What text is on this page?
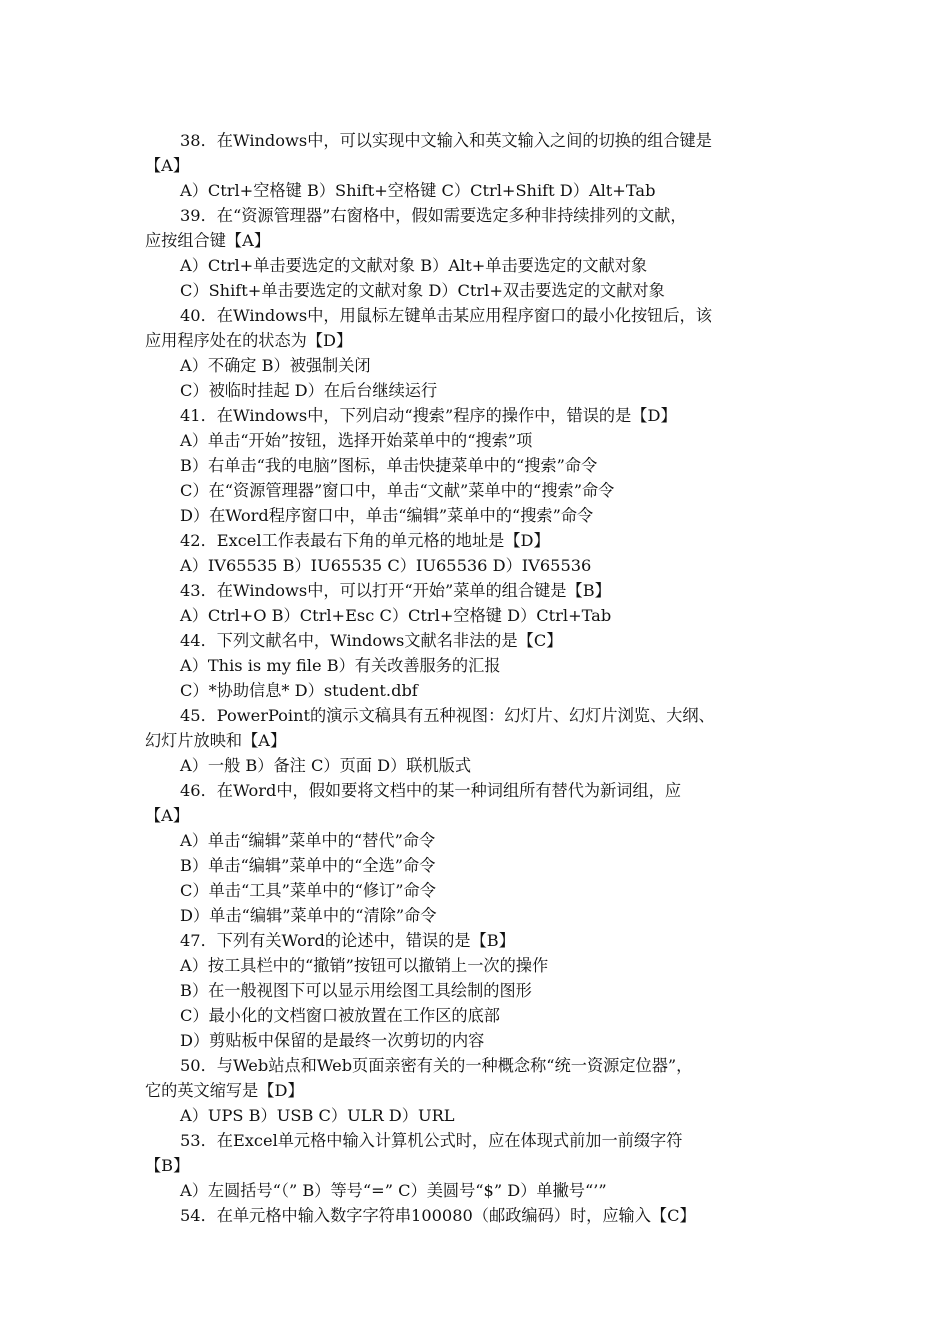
38．在Windows中，可以实现中文输入和英文输入之间的切换的组合键是
【A】
A）Ctrl+空格键 B）Shift+空格键 C）Ctrl+Shift D）Alt+Tab
39．在“资源管理器”右窗格中，假如需要选定多种非持续排列的文献，
应按组合键【A】
A）Ctrl+单击要选定的文献对象 B）Alt+单击要选定的文献对象
C）Shift+单击要选定的文献对象 D）Ctrl+双击要选定的文献对象
40．在Windows中，用鼠标左键单击某应用程序窗口的最小化按钮后，该
应用程序处在的状态为【D】
A）不确定 B）被强制关闭
C）被临时挂起 D）在后台继续运行
41．在Windows中，下列启动“搜索”程序的操作中，错误的是【D】
A）单击“开始”按钮，选择开始菜单中的“搜索”项
B）右单击“我的电脑”图标，单击快捷菜单中的“搜索”命令
C）在“资源管理器”窗口中，单击“文献”菜单中的“搜索”命令
D）在Word程序窗口中，单击“编辑”菜单中的“搜索”命令
42．Excel工作表最右下角的单元格的地址是【D】
A）IV65535 B）IU65535 C）IU65536 D）IV65536
43．在Windows中，可以打开“开始”菜单的组合键是【B】
A）Ctrl+O B）Ctrl+Esc C）Ctrl+空格键 D）Ctrl+Tab
44．下列文献名中，Windows文献名非法的是【C】
A）This is my file B）有关改善服务的汇报
C）*协助信息* D）student.dbf
45．PowerPoint的演示文稿具有五种视图：幻灯片、幻灯片浏览、大纲、
幻灯片放映和【A】
A）一般 B）备注 C）页面 D）联机版式
46．在Word中，假如要将文档中的某一种词组所有替代为新词组，应
【A】
A）单击“编辑”菜单中的“替代”命令
B）单击“编辑”菜单中的“全选”命令
C）单击“工具”菜单中的“修订”命令
D）单击“编辑”菜单中的“清除”命令
47．下列有关Word的论述中，错误的是【B】
A）按工具栏中的“撤销”按钮可以撤销上一次的操作
B）在一般视图下可以显示用绘图工具绘制的图形
C）最小化的文档窗口被放置在工作区的底部
D）剪贴板中保留的是最终一次剪切的内容
50．与Web站点和Web页面亲密有关的一种概念称“统一资源定位器”，
它的英文缩写是【D】
A）UPS B）USB C）ULR D）URL
53．在Excel单元格中输入计算机公式时，应在体现式前加一前缀字符
【B】
A）左圆括号“（” B）等号“=” C）美圆号“$” D）单撇号“’”
54．在单元格中输入数字字符串100080（邮政编码）时，应输入【C】
